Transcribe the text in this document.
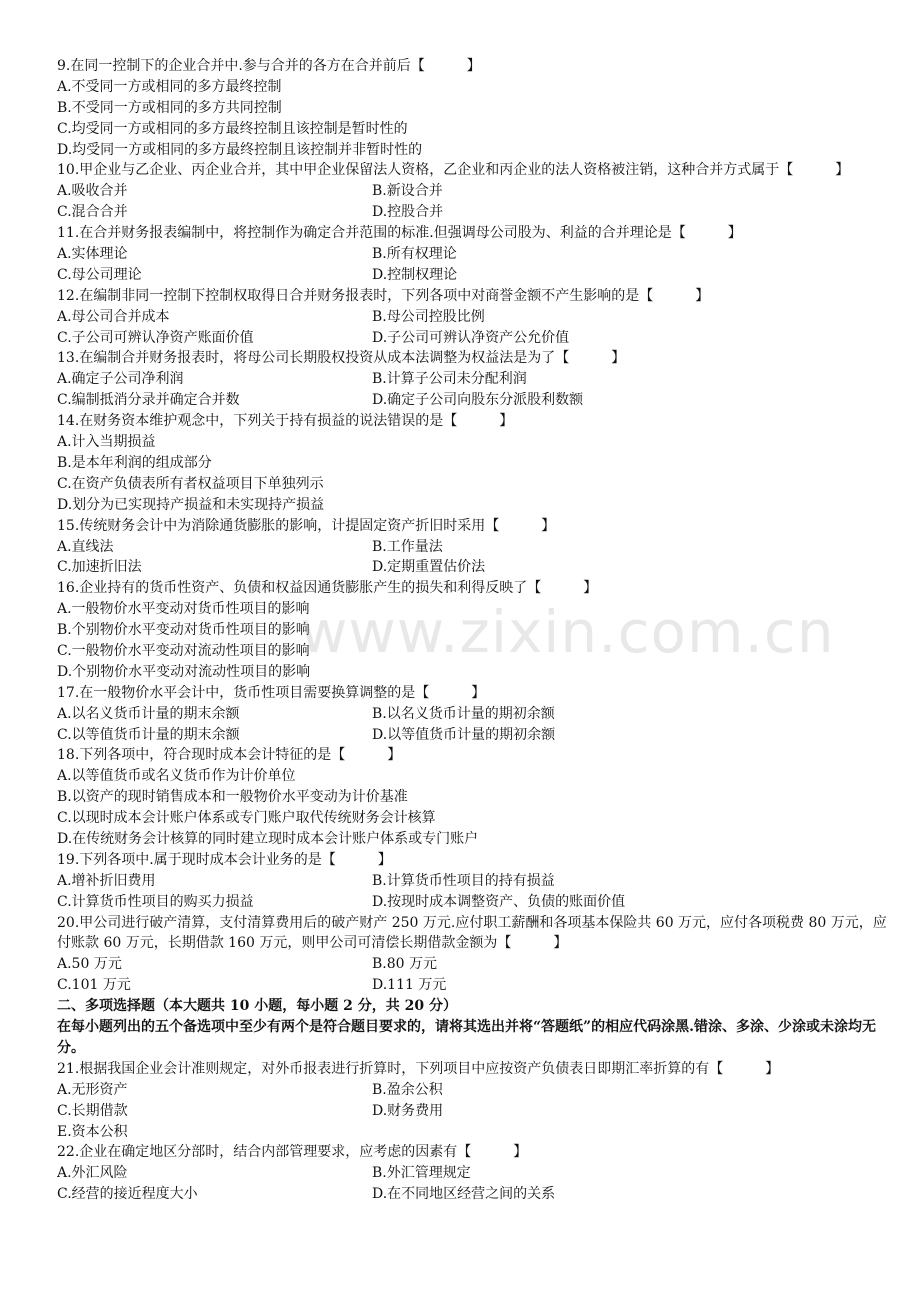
9.在同一控制下的企业合并中.参与合并的各方在合并前后【　　　】
A.不受同一方或相同的多方最终控制
B.不受同一方或相同的多方共同控制
C.均受同一方或相同的多方最终控制且该控制是暂时性的
D.均受同一方或相同的多方最终控制且该控制并非暂时性的
10.甲企业与乙企业、丙企业合并，其中甲企业保留法人资格，乙企业和丙企业的法人资格被注销，这种合并方式属于【　　　】
A.吸收合并	B.新设合并
C.混合合并	D.控股合并
11.在合并财务报表编制中，将控制作为确定合并范围的标准.但强调母公司股为、利益的合并理论是【　　　】
A.实体理论	B.所有权理论
C.母公司理论	D.控制权理论
12.在编制非同一控制下控制权取得日合并财务报表时，下列各项中对商誉金额不产生影响的是【　　　】
A.母公司合并成本	B.母公司控股比例
C.子公司可辨认净资产账面价值	D.子公司可辨认净资产公允价值
13.在编制合并财务报表时，将母公司长期股权投资从成本法调整为权益法是为了【　　　】
A.确定子公司净利润	B.计算子公司未分配利润
C.编制抵消分录并确定合并数	D.确定子公司向股东分派股利数额
14.在财务资本维护观念中，下列关于持有损益的说法错误的是【　　　】
A.计入当期损益
B.是本年利润的组成部分
C.在资产负债表所有者权益项目下单独列示
D.划分为已实现持产损益和未实现持产损益
15.传统财务会计中为消除通货膨胀的影响，计提固定资产折旧时采用【　　　】
A.直线法	B.工作量法
C.加速折旧法	D.定期重置估价法
16.企业持有的货币性资产、负债和权益因通货膨胀产生的损失和利得反映了【　　　】
A.一般物价水平变动对货币性项目的影响
B.个别物价水平变动对货币性项目的影响
C.一般物价水平变动对流动性项目的影响
D.个别物价水平变动对流动性项目的影响
17.在一般物价水平会计中，货币性项目需要换算调整的是【　　　】
A.以名义货币计量的期末余额	B.以名义货币计量的期初余额
C.以等值货币计量的期末余额	D.以等值货币计量的期初余额
18.下列各项中，符合现时成本会计特征的是【　　　】
A.以等值货币或名义货币作为计价单位
B.以资产的现时销售成本和一般物价水平变动为计价基准
C.以现时成本会计账户体系或专门账户取代传统财务会计核算
D.在传统财务会计核算的同时建立现时成本会计账户体系或专门账户
19.下列各项中.属于现时成本会计业务的是【　　　】
A.增补折旧费用	B.计算货币性项目的持有损益
C.计算货币性项目的购买力损益	D.按现时成本调整资产、负债的账面价值
20.甲公司进行破产清算，支付清算费用后的破产财产 250 万元.应付职工薪酬和各项基本保险共 60 万元，应付各项税费 80 万元，应付账款 60 万元，长期借款 160 万元，则甲公司可清偿长期借款金额为【　　　】
A.50 万元	B.80 万元
C.101 万元	D.111 万元
二、多项选择题（本大题共 10 小题，每小题 2 分，共 20 分）
在每小题列出的五个备选项中至少有两个是符合题目要求的，请将其选出并将“答题纸”的相应代码涂黑.错涂、多涂、少涂或未涂均无分。
21.根据我国企业会计准则规定，对外币报表进行折算时，下列项目中应按资产负债表日即期汇率折算的有【　　　】
A.无形资产	B.盈余公积
C.长期借款	D.财务费用
E.资本公积
22.企业在确定地区分部时，结合内部管理要求，应考虑的因素有【　　　】
A.外汇风险	B.外汇管理规定
C.经营的接近程度大小	D.在不同地区经营之间的关系
www.zixin.com.cn
